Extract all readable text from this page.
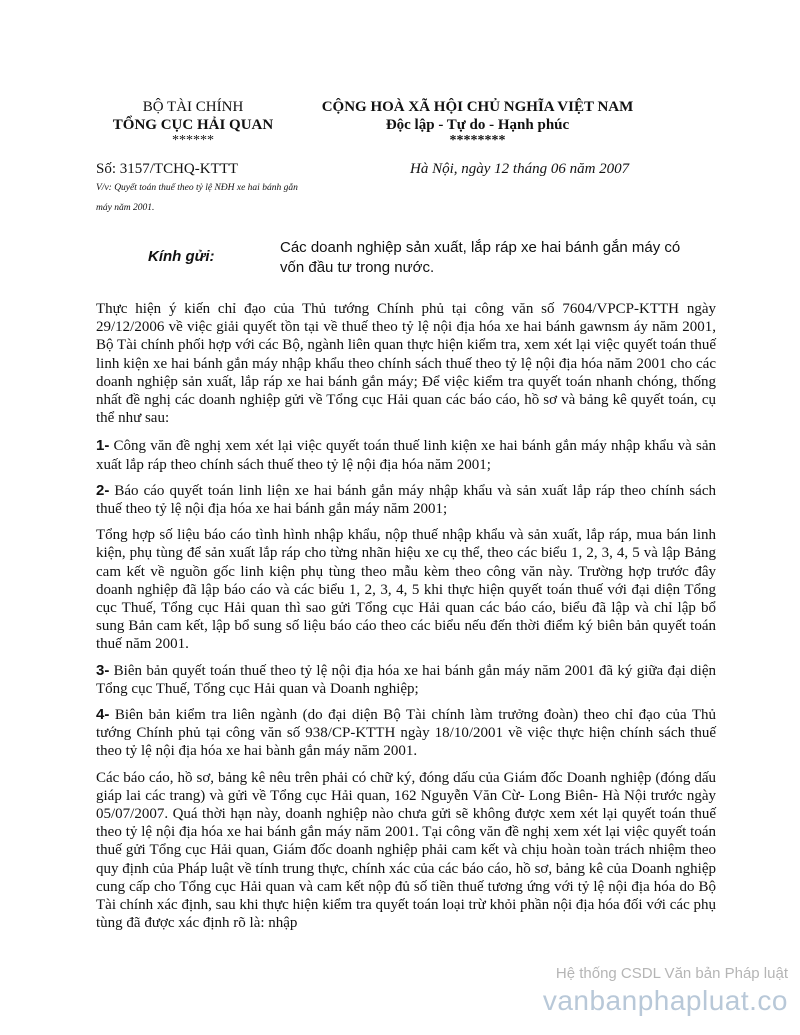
BỘ TÀI CHÍNH
TỔNG CỤC HẢI QUAN
******
CỘNG HOÀ XÃ HỘI CHỦ NGHĨA VIỆT NAM
Độc lập - Tự do - Hạnh phúc
********
Số: 3157/TCHQ-KTTT
V/v: Quyết toán thuế theo tỷ lệ NĐH xe hai bánh gắn máy năm 2001.
Hà Nội, ngày 12 tháng 06 năm 2007
Kính gửi:
Các doanh nghiệp sản xuất, lắp ráp xe hai bánh gắn máy có vốn đầu tư trong nước.

Thực hiện ý kiến chỉ đạo của Thủ tướng Chính phủ tại công văn số 7604/VPCP-KTTH ngày 29/12/2006 về việc giải quyết tồn tại về thuế theo tỷ lệ nội địa hóa xe hai bánh gawnsm áy năm 2001, Bộ Tài chính phối hợp với các Bộ, ngành liên quan thực hiện kiểm tra, xem xét lại việc quyết toán thuế linh kiện xe hai bánh gắn máy nhập khẩu theo chính sách thuế theo tỷ lệ nội địa hóa năm 2001 cho các doanh nghiệp sản xuất, lắp ráp xe hai bánh gắn máy; Để việc kiểm tra quyết toán nhanh chóng, thống nhất đề nghị các doanh nghiệp gửi về Tổng cục Hải quan các báo cáo, hồ sơ và bảng kê quyết toán, cụ thể như sau:

1- Công văn đề nghị xem xét lại việc quyết toán thuế linh kiện xe hai bánh gắn máy nhập khẩu và sản xuất lắp ráp theo chính sách thuế theo tỷ lệ nội địa hóa năm 2001;

2- Báo cáo quyết toán linh liện xe hai bánh gắn máy nhập khẩu và sản xuất lắp ráp theo chính sách thuế theo tỷ lệ nội địa hóa xe hai bánh gắn máy năm 2001;

Tổng hợp số liệu báo cáo tình hình nhập khẩu, nộp thuế nhập khẩu và sản xuất, lắp ráp, mua bán linh kiện, phụ tùng để sản xuất lắp ráp cho từng nhãn hiệu xe cụ thể, theo các biểu 1, 2, 3, 4, 5 và lập Bảng cam kết về nguồn gốc linh kiện phụ tùng theo mẫu kèm theo công văn này. Trường hợp trước đây doanh nghiệp đã lập báo cáo và các biểu 1, 2, 3, 4, 5 khi thực hiện quyết toán thuế với đại diện Tổng cục Thuế, Tổng cục Hải quan thì sao gửi Tổng cục Hải quan các báo cáo, biểu đã lập và chỉ lập bổ sung Bản cam kết, lập bổ sung số liệu báo cáo theo các biểu nếu đến thời điểm ký biên bản quyết toán thuế năm 2001.

3- Biên bản quyết toán thuế theo tỷ lệ nội địa hóa xe hai bánh gắn máy năm 2001 đã ký giữa đại diện Tổng cục Thuế, Tổng cục Hải quan và Doanh nghiệp;

4- Biên bản kiểm tra liên ngành (do đại diện Bộ Tài chính làm trưởng đoàn) theo chỉ đạo của Thủ tướng Chính phủ tại công văn số 938/CP-KTTH ngày 18/10/2001 về việc thực hiện chính sách thuế theo tỷ lệ nội địa hóa xe hai bành gắn máy năm 2001.

Các báo cáo, hồ sơ, bảng kê nêu trên phải có chữ ký, đóng dấu của Giám đốc Doanh nghiệp (đóng dấu giáp lai các trang) và gửi về Tổng cục Hải quan, 162 Nguyễn Văn Cừ- Long Biên- Hà Nội trước ngày 05/07/2007. Quá thời hạn này, doanh nghiệp nào chưa gửi sẽ không được xem xét lại quyết toán thuế theo tỷ lệ nội địa hóa xe hai bánh gắn máy năm 2001. Tại công văn đề nghị xem xét lại việc quyết toán thuế gửi Tổng cục Hải quan, Giám đốc doanh nghiệp phải cam kết và chịu hoàn toàn trách nhiệm theo quy định của Pháp luật về tính trung thực, chính xác của các báo cáo, hồ sơ, bảng kê của Doanh nghiệp cung cấp cho Tổng cục Hải quan và cam kết nộp đủ số tiền thuế tương ứng với tỷ lệ nội địa hóa do Bộ Tài chính xác định, sau khi thực hiện kiểm tra quyết toán loại trừ khỏi phần nội địa hóa đối với các phụ tùng đã được xác định rõ là: nhập

Hệ thống CSDL Văn bản Pháp luật
vanbanphapluat.co
